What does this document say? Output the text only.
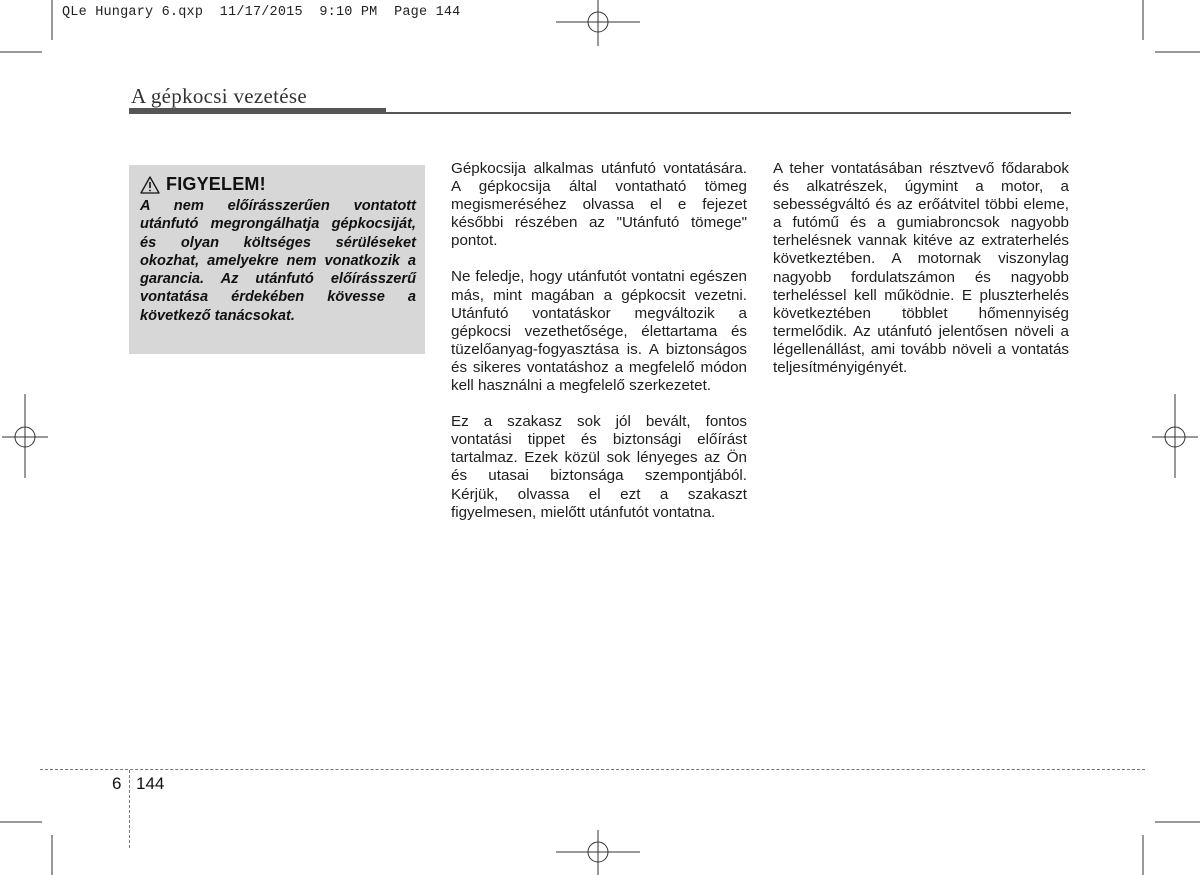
QLe Hungary 6.qxp 11/17/2015 9:10 PM Page 144
A gépkocsi vezetése
FIGYELEM!

A nem előírásszerűen vontatott utánfutó megrongálhatja gépkocsiját, és olyan költséges sérüléseket okozhat, amelyekre nem vonatkozik a garancia. Az utánfutó előírásszerű vontatása érdekében kövesse a következő tanácsokat.

Gépkocsija alkalmas utánfutó vontatására. A gépkocsija által vontatható tömeg megismeréséhez olvassa el e fejezet későbbi részében az "Utánfutó tömege" pontot.

Ne feledje, hogy utánfutót vontatni egészen más, mint magában a gépkocsit vezetni. Utánfutó vontatáskor megváltozik a gépkocsi vezethetősége, élettartama és tüzelőanyag-fogyasztása is. A biztonságos és sikeres vontatáshoz a megfelelő módon kell használni a megfelelő szerkezetet.

Ez a szakasz sok jól bevált, fontos vontatási tippet és biztonsági előírást tartalmaz. Ezek közül sok lényeges az Ön és utasai biztonsága szempontjából. Kérjük, olvassa el ezt a szakaszt figyelmesen, mielőtt utánfutót vontatna.

A teher vontatásában résztvevő fődarabok és alkatrészek, úgymint a motor, a sebességváltó és az erőátvitel többi eleme, a futómű és a gumiabroncsok nagyobb terhelésnek vannak kitéve az extraterhelés következtében. A motornak viszonylag nagyobb fordulatszámon és nagyobb terheléssel kell működnie. E pluszterhelés következtében többlet hőmennyiség termelődik. Az utánfutó jelentősen növeli a légellenállást, ami tovább növeli a vontatás teljesítményigényét.

6 144
